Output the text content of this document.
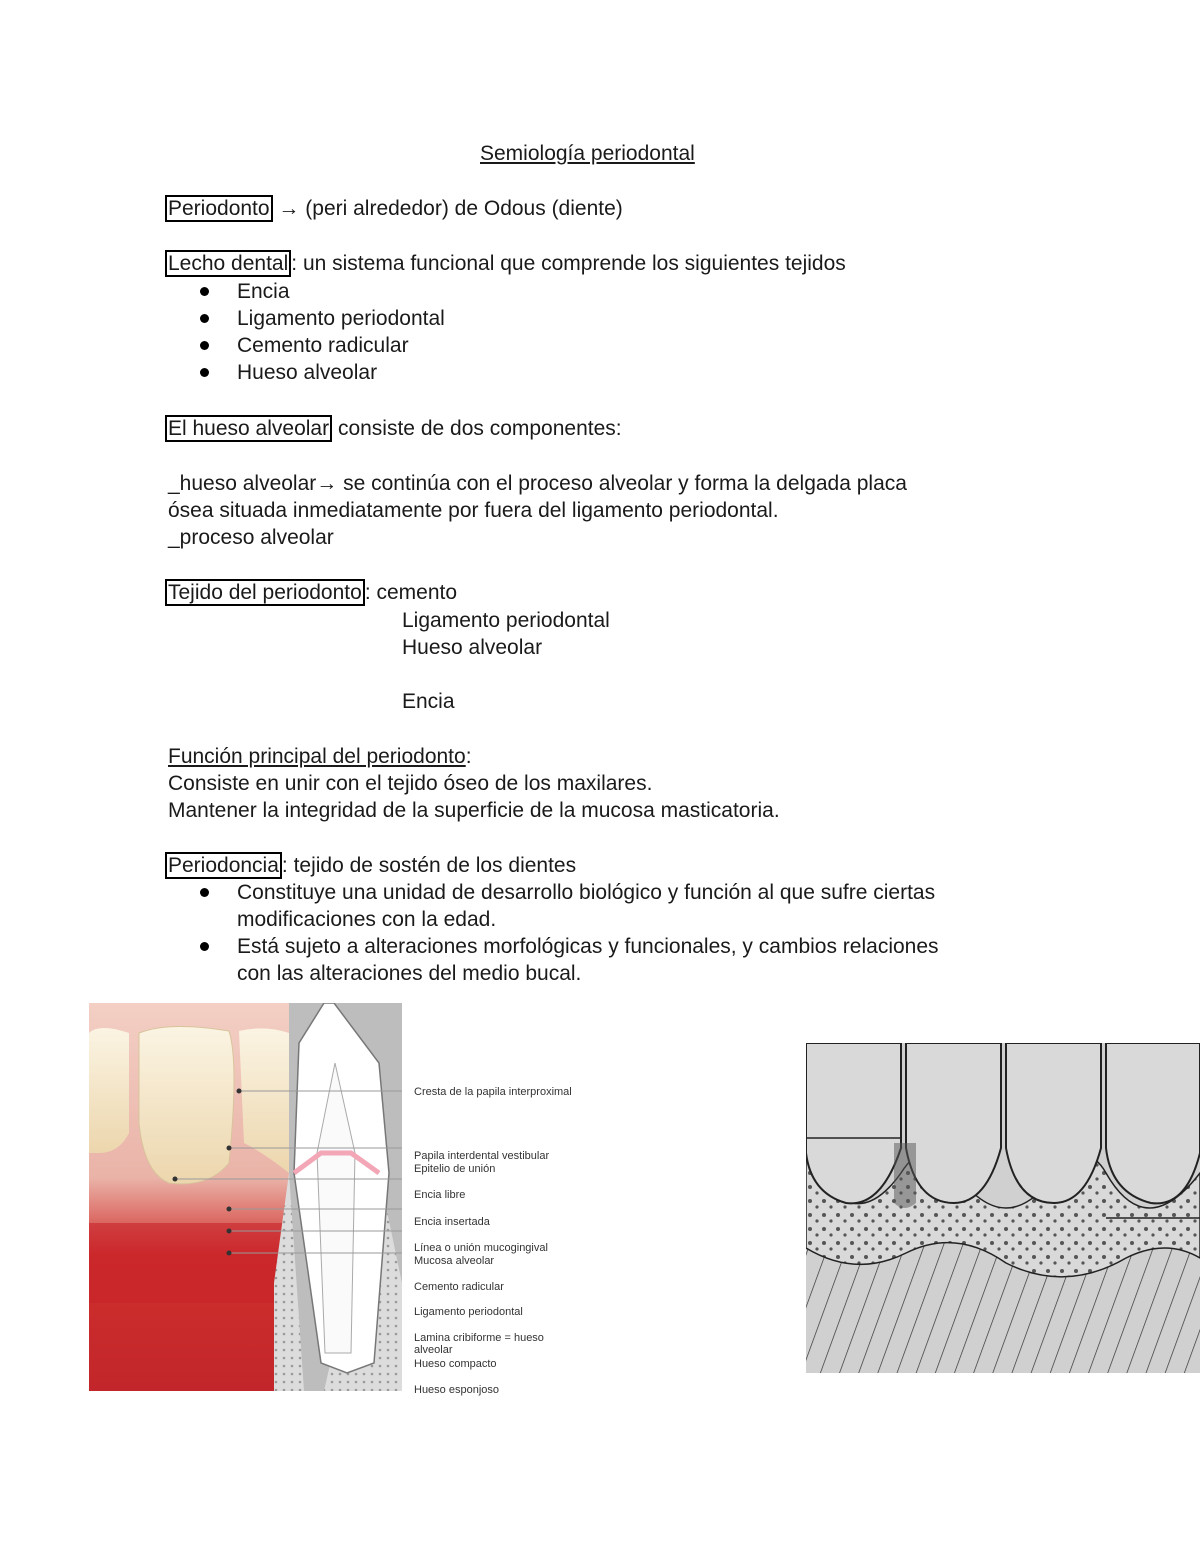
Semiología periodontal
Periodonto → (peri alrededor) de Odous (diente)
Lecho dental : un sistema funcional que comprende los siguientes tejidos
Encia
Ligamento periodontal
Cemento radicular
Hueso alveolar
El hueso alveolar consiste de dos componentes:
_hueso alveolar→ se continúa con el proceso alveolar y forma la delgada placa
ósea situada inmediatamente por fuera del ligamento periodontal.
_proceso alveolar
Tejido del periodonto : cemento
Ligamento periodontal
Hueso alveolar
Encia
Función principal del periodonto:
Consiste en unir con el tejido óseo de los maxilares.
Mantener la integridad de la superficie de la mucosa masticatoria.
Periodoncia : tejido de sostén de los dientes
Constituye una unidad de desarrollo biológico y función al que sufre ciertas
modificaciones con la edad.
Está sujeto a alteraciones morfológicas y funcionales, y cambios relaciones
con las alteraciones del medio bucal.
Cresta de la papila interproximal
Papila interdental vestibular
Epitelio de unión
Encia libre
Encia insertada
Línea o unión mucogingival
Mucosa alveolar
Cemento radicular
Ligamento periodontal
Lamina cribiforme = hueso alveolar
Hueso compacto
Hueso esponjoso
